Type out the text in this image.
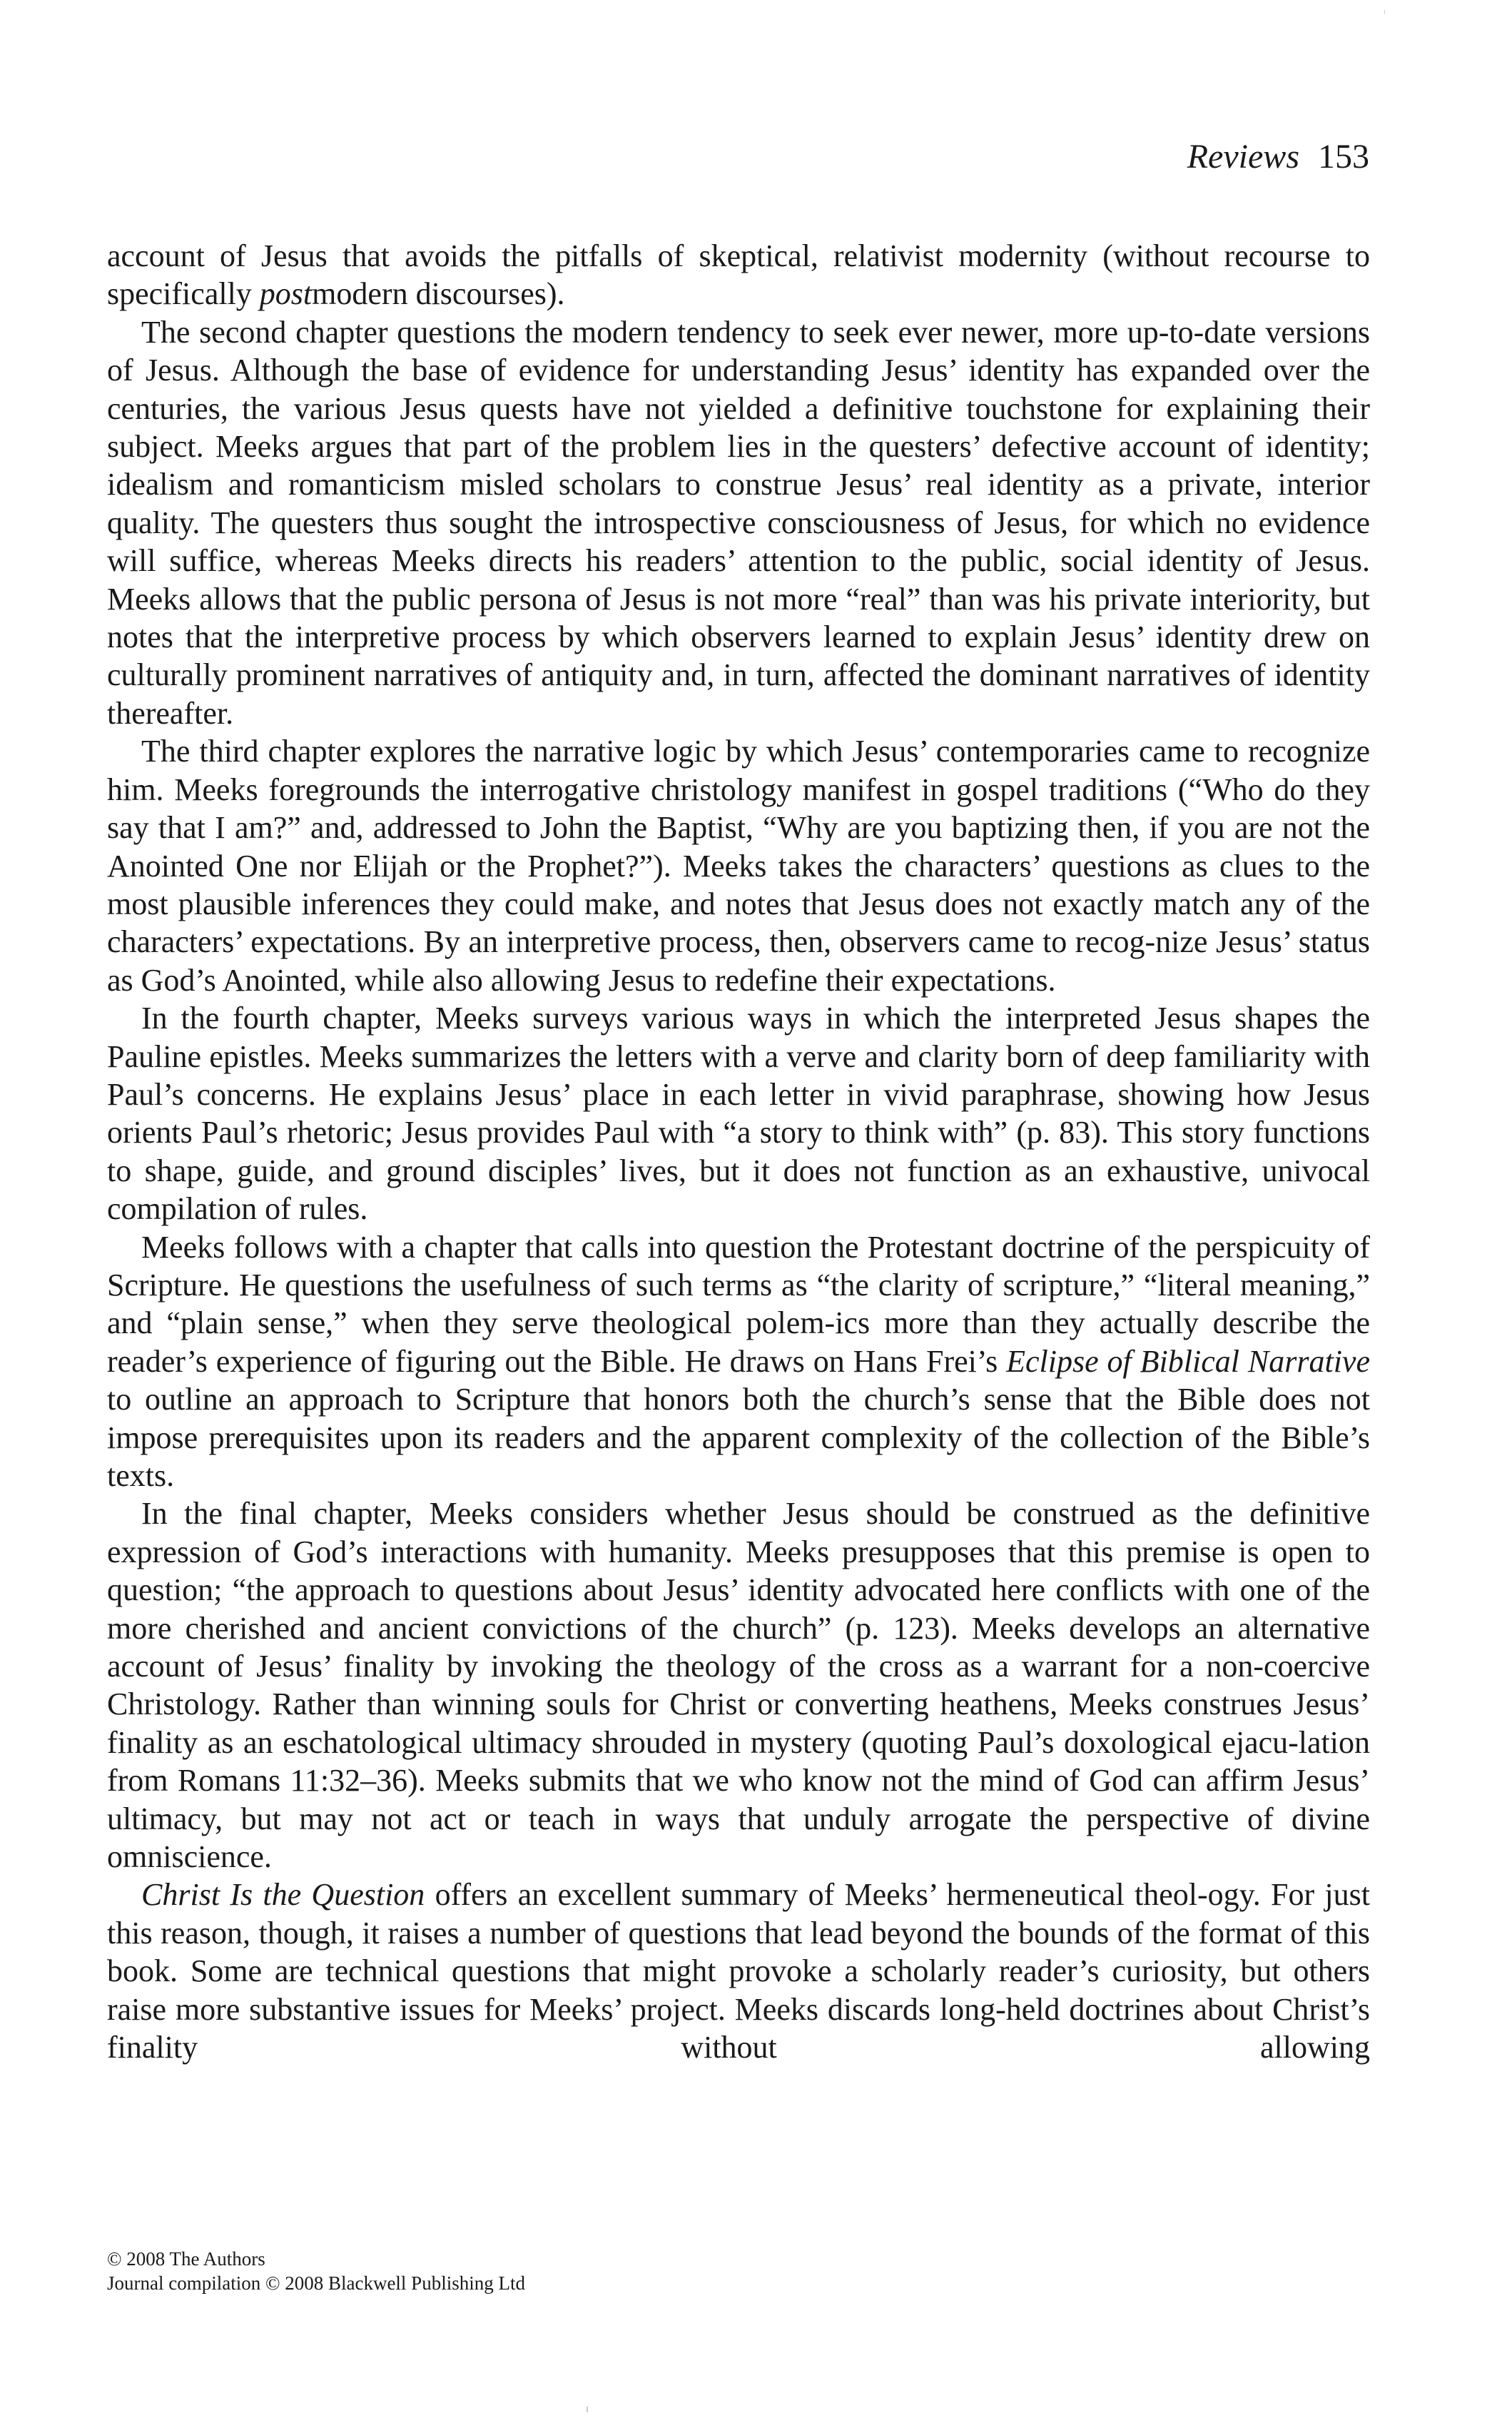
Reviews 153

account of Jesus that avoids the pitfalls of skeptical, relativist modernity (without recourse to specifically postmodern discourses).

The second chapter questions the modern tendency to seek ever newer, more up-to-date versions of Jesus. Although the base of evidence for understanding Jesus’ identity has expanded over the centuries, the various Jesus quests have not yielded a definitive touchstone for explaining their subject. Meeks argues that part of the problem lies in the questers’ defective account of identity; idealism and romanticism misled scholars to construe Jesus’ real identity as a private, interior quality. The questers thus sought the introspective consciousness of Jesus, for which no evidence will suffice, whereas Meeks directs his readers’ attention to the public, social identity of Jesus. Meeks allows that the public persona of Jesus is not more “real” than was his private interiority, but notes that the interpretive process by which observers learned to explain Jesus’ identity drew on culturally prominent narratives of antiquity and, in turn, affected the dominant narratives of identity thereafter.

The third chapter explores the narrative logic by which Jesus’ contemporaries came to recognize him. Meeks foregrounds the interrogative christology manifest in gospel traditions (“Who do they say that I am?” and, addressed to John the Baptist, “Why are you baptizing then, if you are not the Anointed One nor Elijah or the Prophet?”). Meeks takes the characters’ questions as clues to the most plausible inferences they could make, and notes that Jesus does not exactly match any of the characters’ expectations. By an interpretive process, then, observers came to recog-nize Jesus’ status as God’s Anointed, while also allowing Jesus to redefine their expectations.

In the fourth chapter, Meeks surveys various ways in which the interpreted Jesus shapes the Pauline epistles. Meeks summarizes the letters with a verve and clarity born of deep familiarity with Paul’s concerns. He explains Jesus’ place in each letter in vivid paraphrase, showing how Jesus orients Paul’s rhetoric; Jesus provides Paul with “a story to think with” (p. 83). This story functions to shape, guide, and ground disciples’ lives, but it does not function as an exhaustive, univocal compilation of rules.

Meeks follows with a chapter that calls into question the Protestant doctrine of the perspicuity of Scripture. He questions the usefulness of such terms as “the clarity of scripture,” “literal meaning,” and “plain sense,” when they serve theological polem-ics more than they actually describe the reader’s experience of figuring out the Bible. He draws on Hans Frei’s Eclipse of Biblical Narrative to outline an approach to Scripture that honors both the church’s sense that the Bible does not impose prerequisites upon its readers and the apparent complexity of the collection of the Bible’s texts.

In the final chapter, Meeks considers whether Jesus should be construed as the definitive expression of God’s interactions with humanity. Meeks presupposes that this premise is open to question; “the approach to questions about Jesus’ identity advocated here conflicts with one of the more cherished and ancient convictions of the church” (p. 123). Meeks develops an alternative account of Jesus’ finality by invoking the theology of the cross as a warrant for a non-coercive Christology. Rather than winning souls for Christ or converting heathens, Meeks construes Jesus’ finality as an eschatological ultimacy shrouded in mystery (quoting Paul’s doxological ejacu-lation from Romans 11:32–36). Meeks submits that we who know not the mind of God can affirm Jesus’ ultimacy, but may not act or teach in ways that unduly arrogate the perspective of divine omniscience.

Christ Is the Question offers an excellent summary of Meeks’ hermeneutical theol-ogy. For just this reason, though, it raises a number of questions that lead beyond the bounds of the format of this book. Some are technical questions that might provoke a scholarly reader’s curiosity, but others raise more substantive issues for Meeks’ project. Meeks discards long-held doctrines about Christ’s finality without allowing

© 2008 The Authors
Journal compilation © 2008 Blackwell Publishing Ltd
